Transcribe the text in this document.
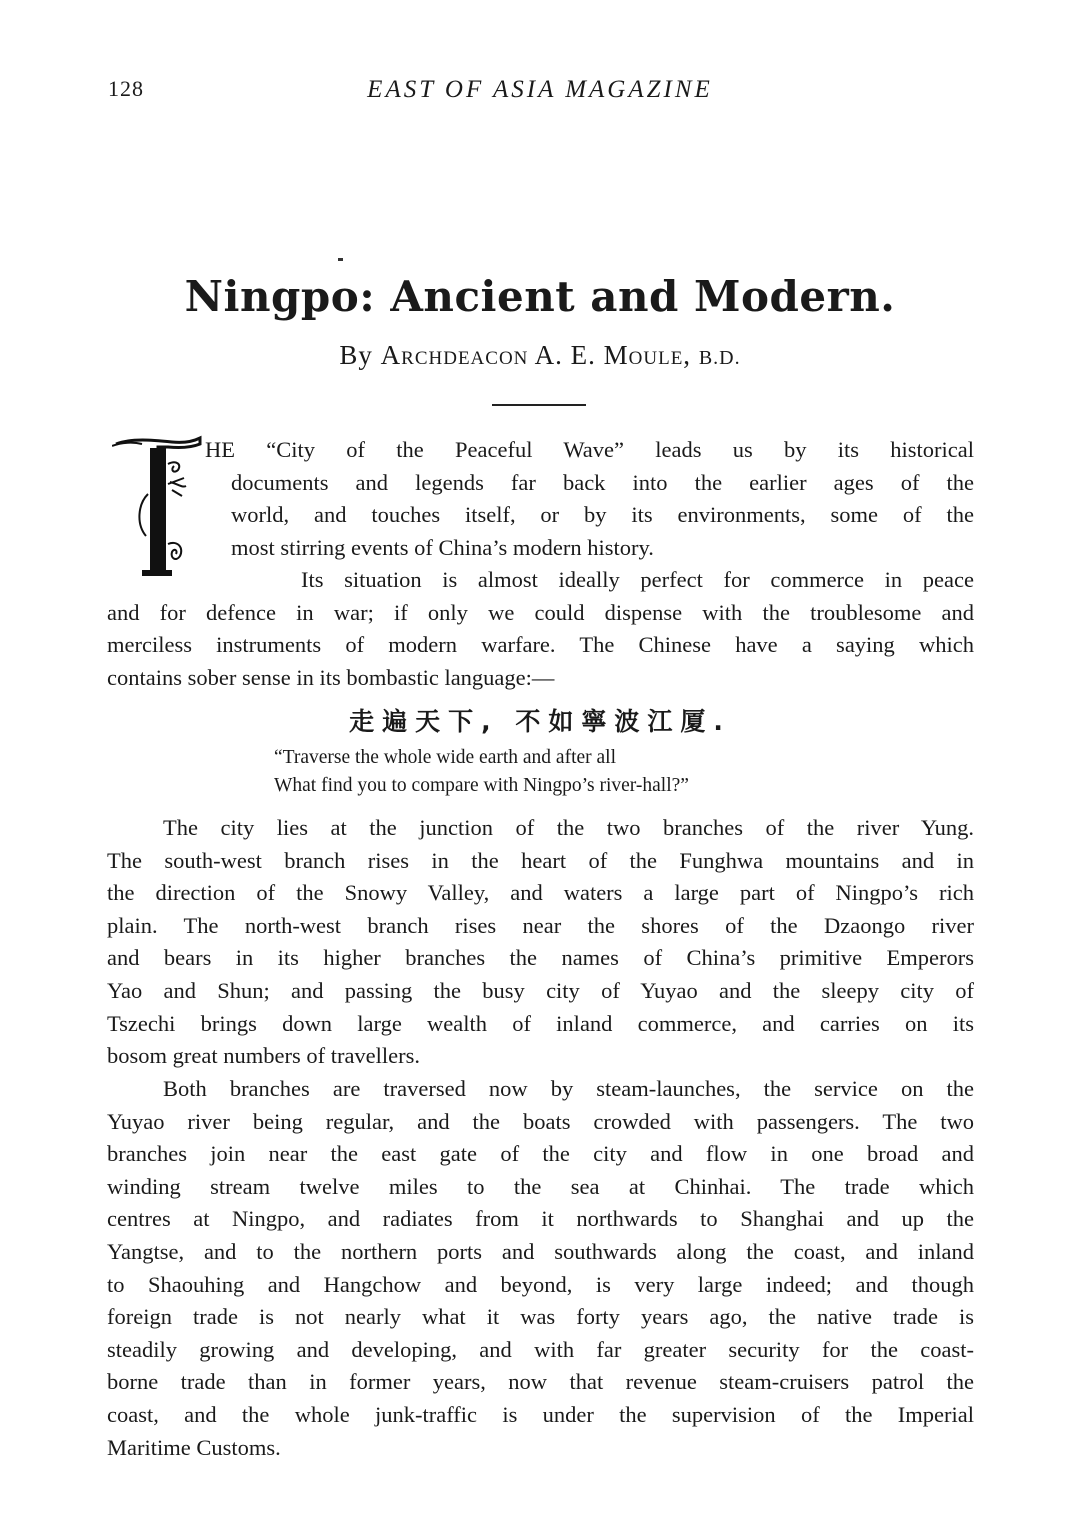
128	EAST OF ASIA MAGAZINE
Ningpo: Ancient and Modern.
By Archdeacon A. E. Moule, B.D.
HE “City of the Peaceful Wave” leads us by its historical
documents and legends far back into the earlier ages of the
world, and touches itself, or by its environments, some of the
most stirring events of China’s modern history.
Its situation is almost ideally perfect for commerce in peace
and for defence in war; if only we could dispense with the troublesome and
merciless instruments of modern warfare. The Chinese have a saying which
contains sober sense in its bombastic language:—
走遍天下, 不如寧波江厦.
“Traverse the whole wide earth and after all
What find you to compare with Ningpo’s river-hall?”
The city lies at the junction of the two branches of the river Yung.
The south-west branch rises in the heart of the Funghwa mountains and in
the direction of the Snowy Valley, and waters a large part of Ningpo’s rich
plain. The north-west branch rises near the shores of the Dzaongo river
and bears in its higher branches the names of China’s primitive Emperors
Yao and Shun; and passing the busy city of Yuyao and the sleepy city of
Tszechi brings down large wealth of inland commerce, and carries on its
bosom great numbers of travellers.
Both branches are traversed now by steam-launches, the service on the
Yuyao river being regular, and the boats crowded with passengers. The two
branches join near the east gate of the city and flow in one broad and
winding stream twelve miles to the sea at Chinhai. The trade which
centres at Ningpo, and radiates from it northwards to Shanghai and up the
Yangtse, and to the northern ports and southwards along the coast, and inland
to Shaouhing and Hangchow and beyond, is very large indeed; and though
foreign trade is not nearly what it was forty years ago, the native trade is
steadily growing and developing, and with far greater security for the coast-
borne trade than in former years, now that revenue steam-cruisers patrol the
coast, and the whole junk-traffic is under the supervision of the Imperial
Maritime Customs.
